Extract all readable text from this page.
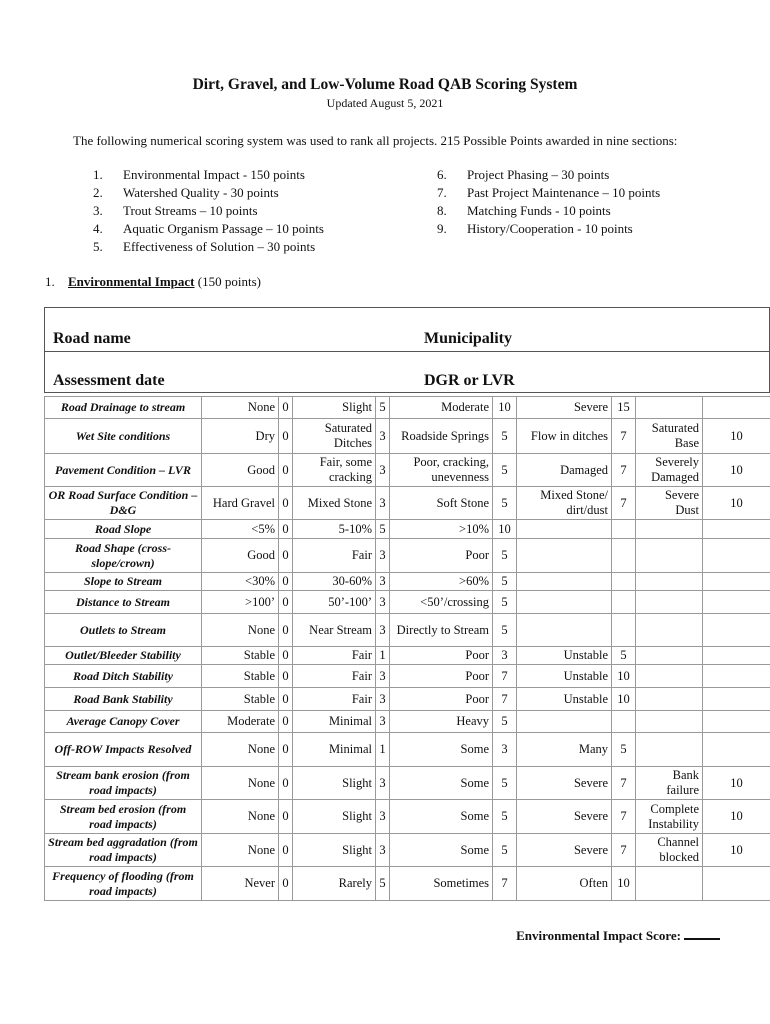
Dirt, Gravel, and Low-Volume Road QAB Scoring System
Updated August 5, 2021
The following numerical scoring system was used to rank all projects. 215 Possible Points awarded in nine sections:
1. Environmental Impact - 150 points
2. Watershed Quality - 30 points
3. Trout Streams – 10 points
4. Aquatic Organism Passage – 10 points
5. Effectiveness of Solution – 30 points
6. Project Phasing – 30 points
7. Past Project Maintenance – 10 points
8. Matching Funds - 10 points
9. History/Cooperation - 10 points
1. Environmental Impact (150 points)
Road name	Municipality
Assessment date	DGR or LVR
Road Drainage to stream	None	0	Slight	5	Moderate	10	Severe	15		
Wet Site conditions	Dry	0	Saturated Ditches	3	Roadside Springs	5	Flow in ditches	7	Saturated Base	10
Pavement Condition – LVR	Good	0	Fair, some cracking	3	Poor, cracking, unevenness	5	Damaged	7	Severely Damaged	10
OR Road Surface Condition – D&G	Hard Gravel	0	Mixed Stone	3	Soft Stone	5	Mixed Stone/ dirt/dust	7	Severe Dust	10
Road Slope	<5%	0	5-10%	5	>10%	10				
Road Shape (cross-slope/crown)	Good	0	Fair	3	Poor	5				
Slope to Stream	<30%	0	30-60%	3	>60%	5				
Distance to Stream	>100’	0	50’-100’	3	<50’/crossing	5				
Outlets to Stream	None	0	Near Stream	3	Directly to Stream	5				
Outlet/Bleeder Stability	Stable	0	Fair	1	Poor	3	Unstable	5		
Road Ditch Stability	Stable	0	Fair	3	Poor	7	Unstable	10		
Road Bank Stability	Stable	0	Fair	3	Poor	7	Unstable	10		
Average Canopy Cover	Moderate	0	Minimal	3	Heavy	5				
Off-ROW Impacts Resolved	None	0	Minimal	1	Some	3	Many	5		
Stream bank erosion (from road impacts)	None	0	Slight	3	Some	5	Severe	7	Bank failure	10
Stream bed erosion (from road impacts)	None	0	Slight	3	Some	5	Severe	7	Complete Instability	10
Stream bed aggradation (from road impacts)	None	0	Slight	3	Some	5	Severe	7	Channel blocked	10
Frequency of flooding (from road impacts)	Never	0	Rarely	5	Sometimes	7	Often	10		
Environmental Impact Score:
